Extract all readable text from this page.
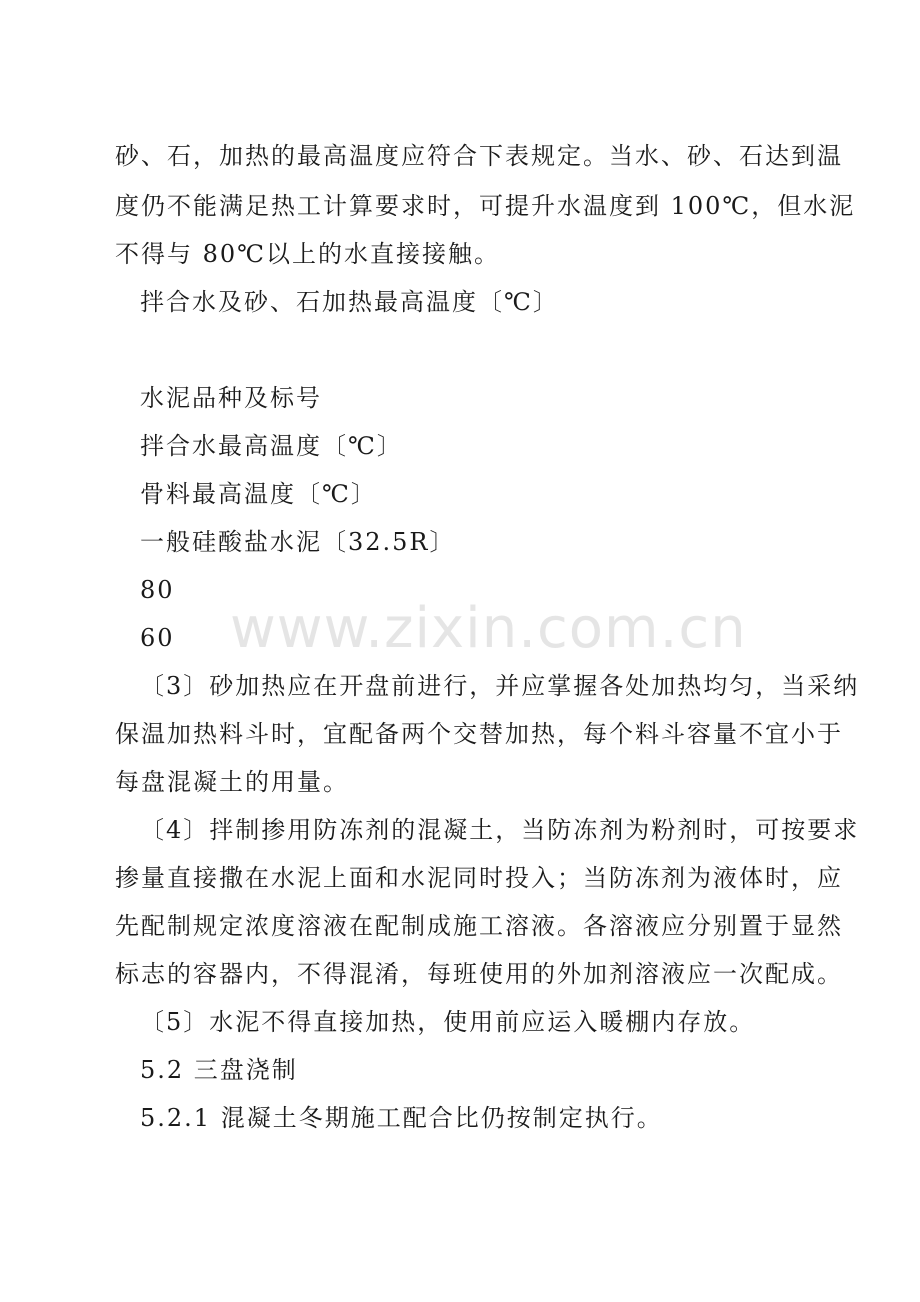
砂、石，加热的最高温度应符合下表规定。当水、砂、石达到温
度仍不能满足热工计算要求时，可提升水温度到 100℃，但水泥
不得与 80℃以上的水直接接触。
拌合水及砂、石加热最高温度〔℃〕
水泥品种及标号
拌合水最高温度〔℃〕
骨料最高温度〔℃〕
一般硅酸盐水泥〔32.5R〕
80
60
〔3〕砂加热应在开盘前进行，并应掌握各处加热均匀，当采纳
保温加热料斗时，宜配备两个交替加热，每个料斗容量不宜小于
每盘混凝土的用量。
〔4〕拌制掺用防冻剂的混凝土，当防冻剂为粉剂时，可按要求
掺量直接撒在水泥上面和水泥同时投入；当防冻剂为液体时，应
先配制规定浓度溶液在配制成施工溶液。各溶液应分别置于显然
标志的容器内，不得混淆，每班使用的外加剂溶液应一次配成。
〔5〕水泥不得直接加热，使用前应运入暖棚内存放。
5.2 三盘浇制
5.2.1 混凝土冬期施工配合比仍按制定执行。
www.zixin.com.cn
